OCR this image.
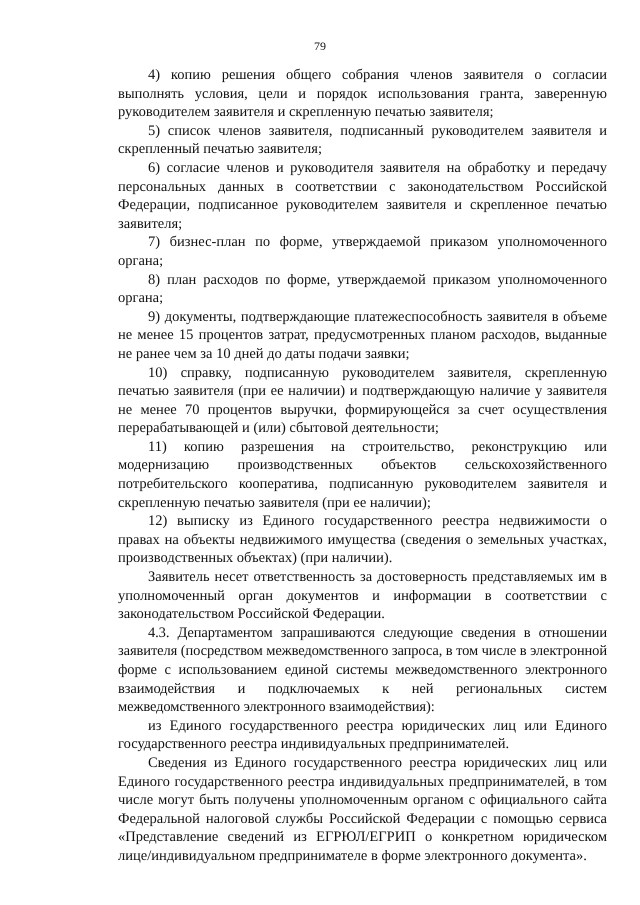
79

4) копию решения общего собрания членов заявителя о согласии выполнять условия, цели и порядок использования гранта, заверенную руководителем заявителя и скрепленную печатью заявителя;

5) список членов заявителя, подписанный руководителем заявителя и скрепленный печатью заявителя;

6) согласие членов и руководителя заявителя на обработку и передачу персональных данных в соответствии с законодательством Российской Федерации, подписанное руководителем заявителя и скрепленное печатью заявителя;

7) бизнес-план по форме, утверждаемой приказом уполномоченного органа;

8) план расходов по форме, утверждаемой приказом уполномоченного органа;

9) документы, подтверждающие платежеспособность заявителя в объеме не менее 15 процентов затрат, предусмотренных планом расходов, выданные не ранее чем за 10 дней до даты подачи заявки;

10) справку, подписанную руководителем заявителя, скрепленную печатью заявителя (при ее наличии) и подтверждающую наличие у заявителя не менее 70 процентов выручки, формирующейся за счет осуществления перерабатывающей и (или) сбытовой деятельности;

11) копию разрешения на строительство, реконструкцию или модернизацию производственных объектов сельскохозяйственного потребительского кооператива, подписанную руководителем заявителя и скрепленную печатью заявителя (при ее наличии);

12) выписку из Единого государственного реестра недвижимости о правах на объекты недвижимого имущества (сведения о земельных участках, производственных объектах) (при наличии).

Заявитель несет ответственность за достоверность представляемых им в уполномоченный орган документов и информации в соответствии с законодательством Российской Федерации.

4.3. Департаментом запрашиваются следующие сведения в отношении заявителя (посредством межведомственного запроса, в том числе в электронной форме с использованием единой системы межведомственного электронного взаимодействия и подключаемых к ней региональных систем межведомственного электронного взаимодействия):

из Единого государственного реестра юридических лиц или Единого государственного реестра индивидуальных предпринимателей.

Сведения из Единого государственного реестра юридических лиц или Единого государственного реестра индивидуальных предпринимателей, в том числе могут быть получены уполномоченным органом с официального сайта Федеральной налоговой службы Российской Федерации с помощью сервиса «Представление сведений из ЕГРЮЛ/ЕГРИП о конкретном юридическом лице/индивидуальном предпринимателе в форме электронного документа».
